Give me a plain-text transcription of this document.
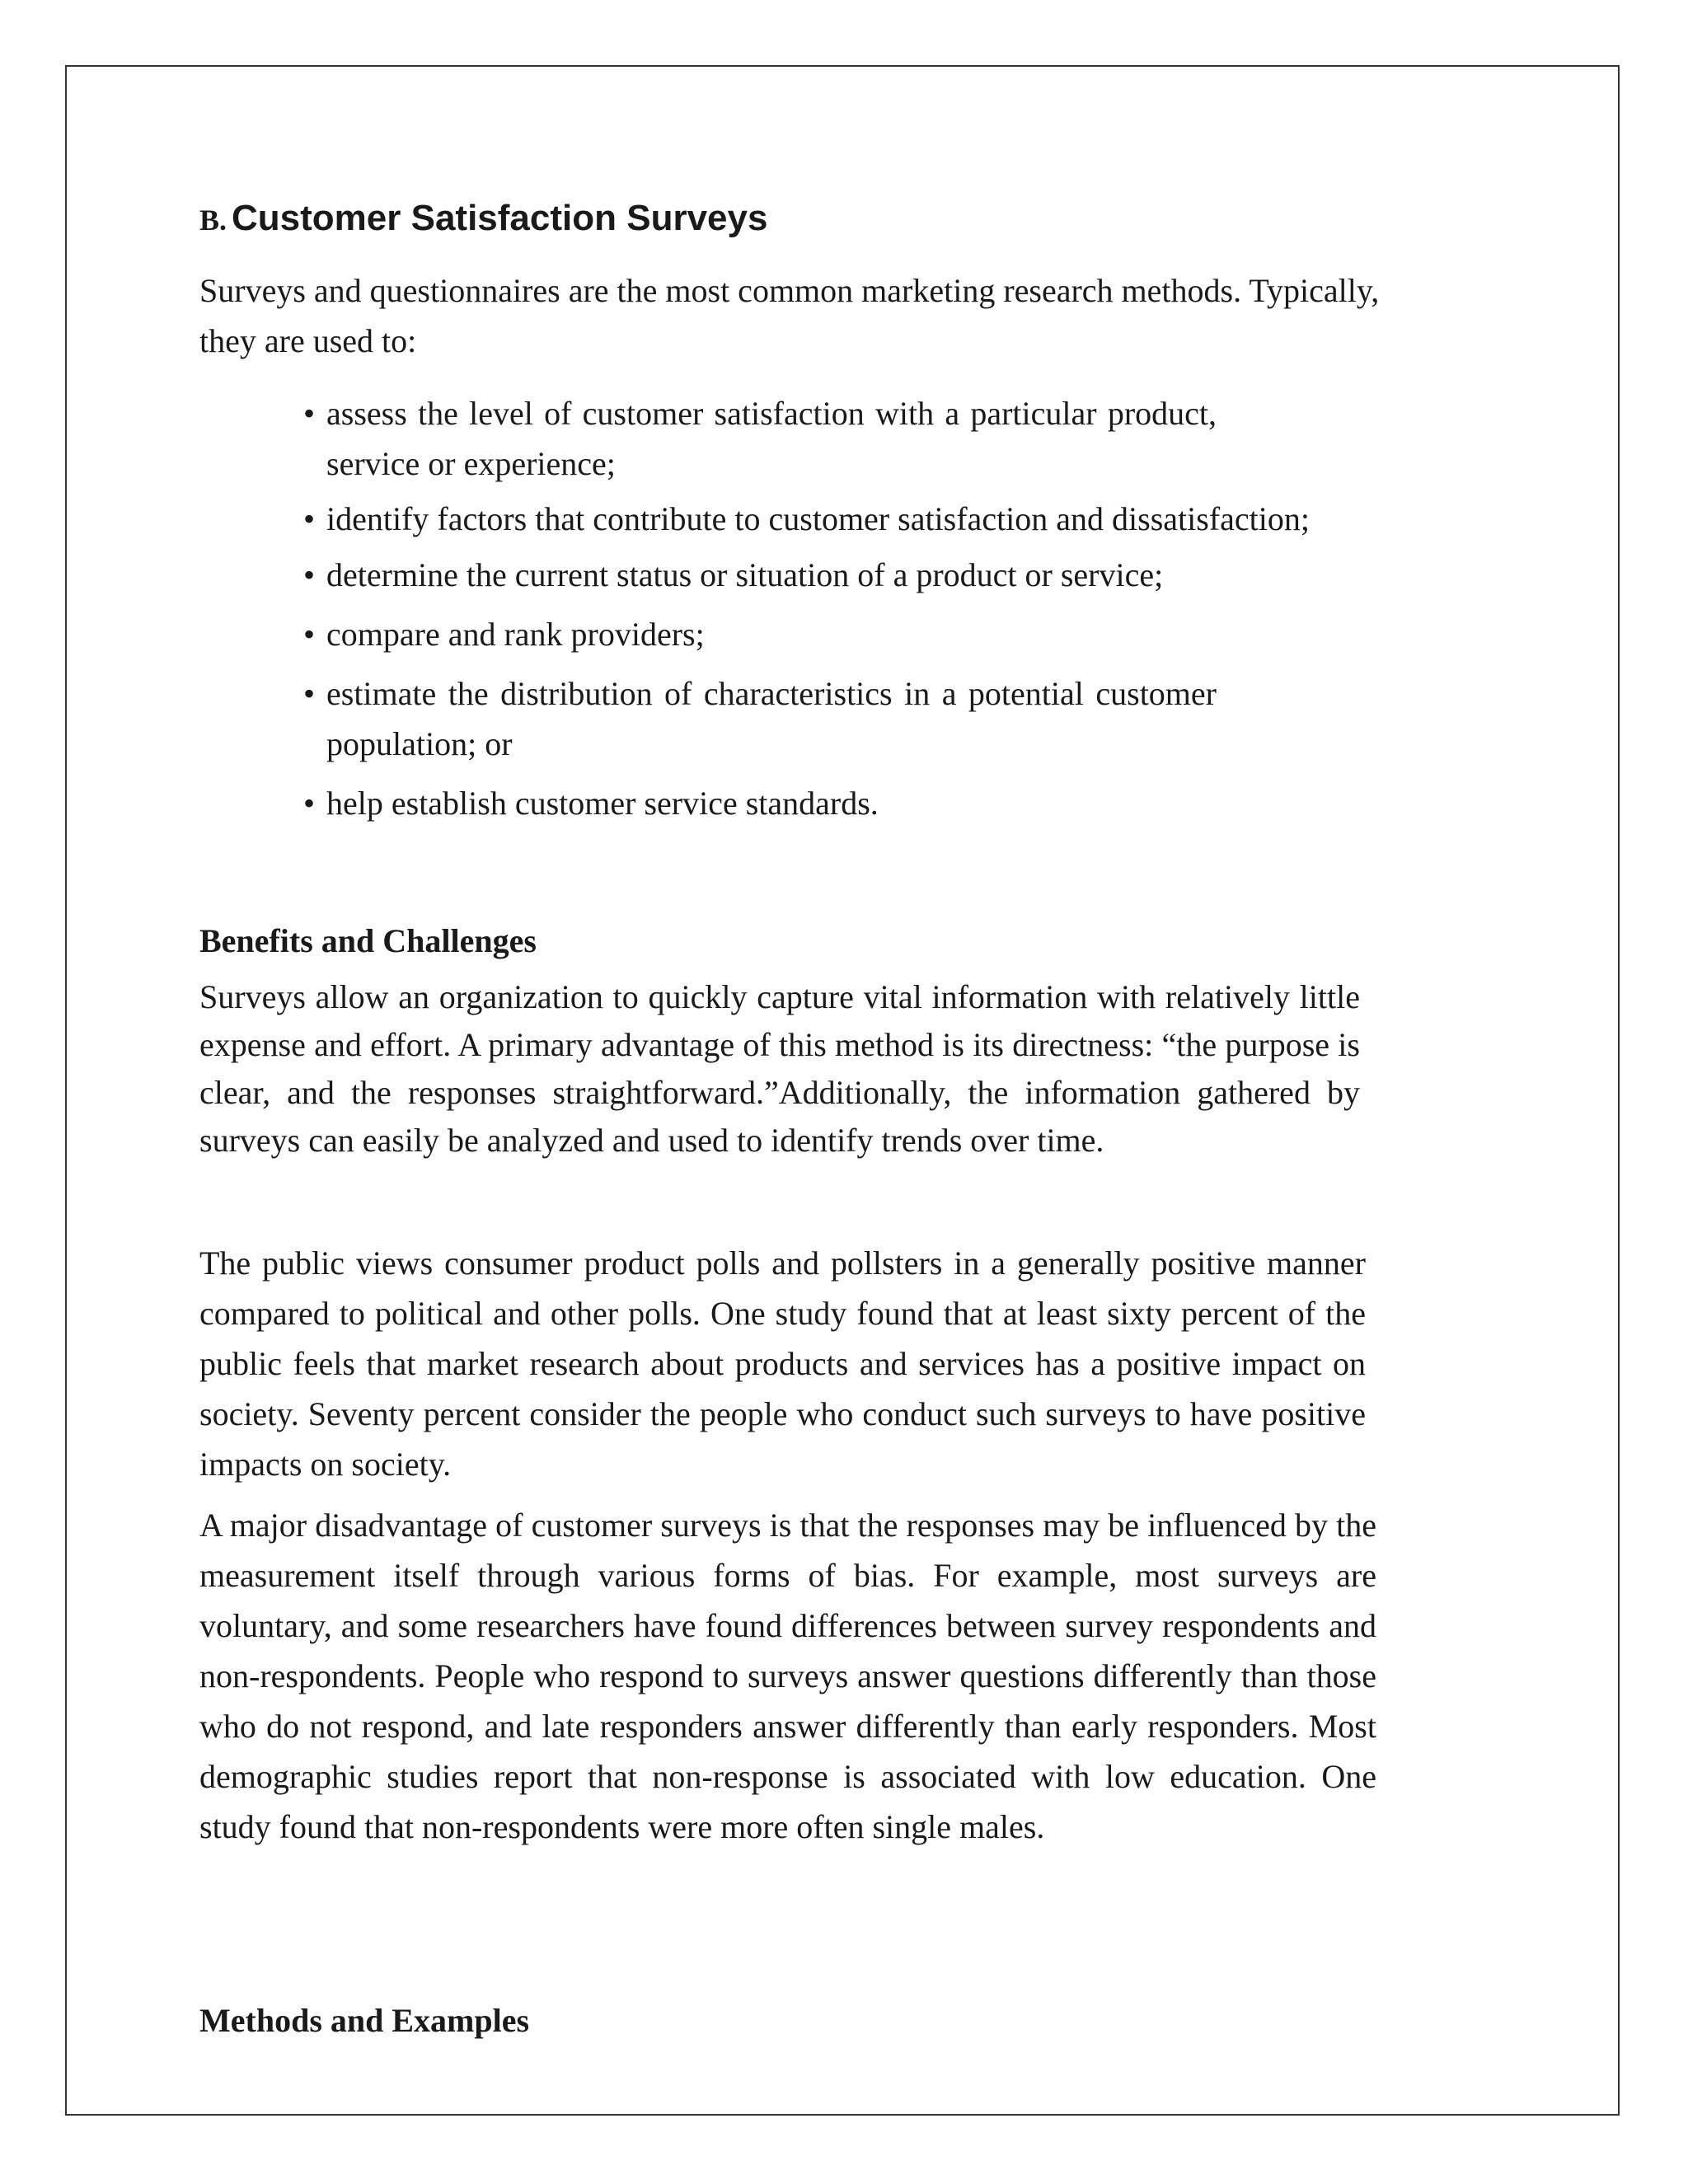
B. Customer Satisfaction Surveys

Surveys and questionnaires are the most common marketing research methods. Typically, they are used to:

• assess the level of customer satisfaction with a particular product, service or experience;
• identify factors that contribute to customer satisfaction and dissatisfaction;
• determine the current status or situation of a product or service;
• compare and rank providers;
• estimate the distribution of characteristics in a potential customer population; or
• help establish customer service standards.
Benefits and Challenges

Surveys allow an organization to quickly capture vital information with relatively little expense and effort. A primary advantage of this method is its directness: “the purpose is clear, and the responses straightforward.”Additionally, the information gathered by surveys can easily be analyzed and used to identify trends over time.

The public views consumer product polls and pollsters in a generally positive manner compared to political and other polls. One study found that at least sixty percent of the public feels that market research about products and services has a positive impact on society. Seventy percent consider the people who conduct such surveys to have positive impacts on society.

A major disadvantage of customer surveys is that the responses may be influenced by the measurement itself through various forms of bias. For example, most surveys are voluntary, and some researchers have found differences between survey respondents and non-respondents. People who respond to surveys answer questions differently than those who do not respond, and late responders answer differently than early responders. Most demographic studies report that non-response is associated with low education. One study found that non-respondents were more often single males.

Methods and Examples
